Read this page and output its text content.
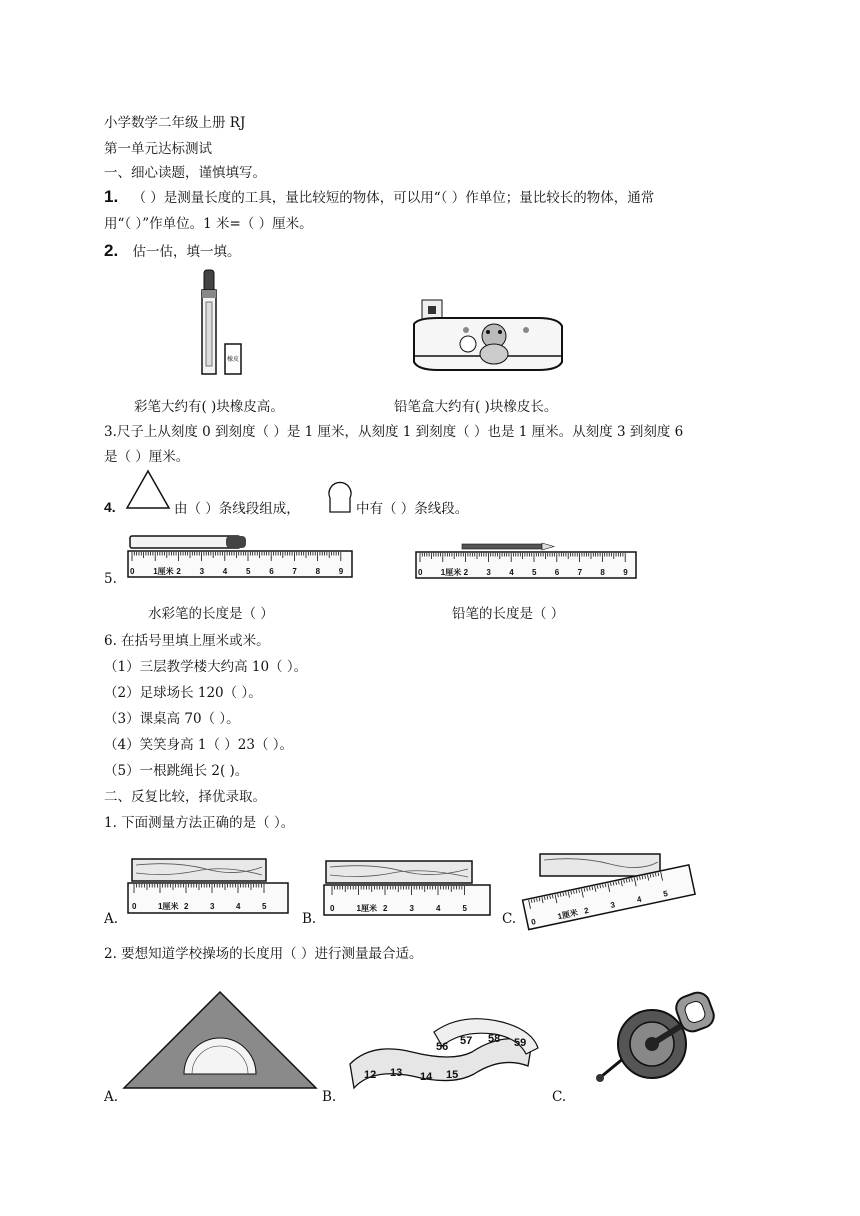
小学数学二年级上册 RJ
第一单元达标测试
一、细心读题，谨慎填写。
1. （ ）是测量长度的工具，量比较短的物体，可以用“（ ）作单位；量比较长的物体，通常
用“（ ）”作单位。1 米=（ ）厘米。
2. 估一估，填一填。
橡皮
彩笔大约有( )块橡皮高。	铅笔盒大约有( )块橡皮长。
3.尺子上从刻度 0 到刻度（ ）是 1 厘米，从刻度 1 到刻度（ ）也是 1 厘米。从刻度 3 到刻度 6
是（ ）厘米。
4.	由（ ）条线段组成，	中有（ ）条线段。
5. 0 1厘米 2 3 4 5 6 7 8 9	0 1厘米 2 3 4 5 6 7 8 9
水彩笔的长度是（ ）	铅笔的长度是（ ）
6. 在括号里填上厘米或米。
（1）三层教学楼大约高 10（ ）。
（2）足球场长 120（ ）。
（3）课桌高 70（ ）。
（4）笑笑身高 1（ ）23（ ）。
（5）一根跳绳长 2( )。
二、反复比较，择优录取。
1. 下面测量方法正确的是（ ）。
0	1厘米 2	3	4	5
A.
0	1厘米 2	3	4	5
B.	0
1厘米 2
3
4
5
C.
2. 要想知道学校操场的长度用（ ）进行测量最合适。
A.
12 13 14 15
56 57 58 59
B.	C.
